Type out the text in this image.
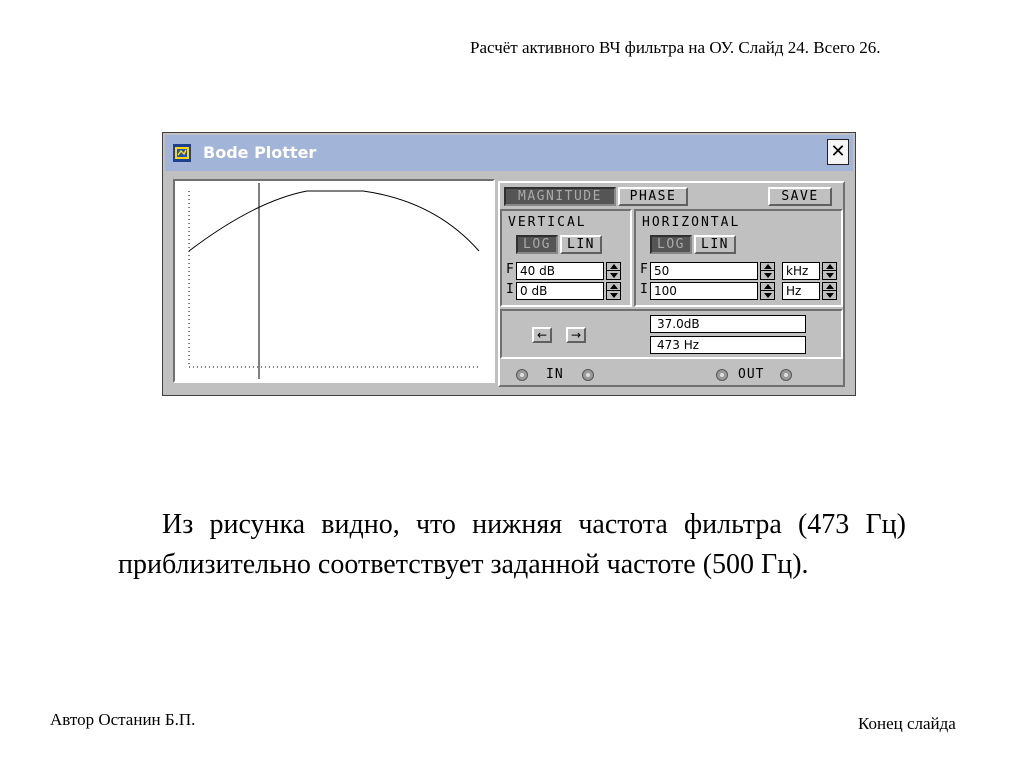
Расчёт активного ВЧ фильтра на ОУ. Слайд 24. Всего 26.
Bode Plotter	✕
MAGNITUDE	PHASE	SAVE
VERTICAL
LOG	LIN
F 40 dB
I 0 dB
HORIZONTAL
LOG	LIN
F 50	kHz
I 100	Hz
←	→
37.0dB
473 Hz
IN	OUT
Из рисунка видно, что нижняя частота фильтра (473 Гц) приблизительно соответствует заданной частоте (500 Гц).
Автор Останин Б.П.	Конец слайда
